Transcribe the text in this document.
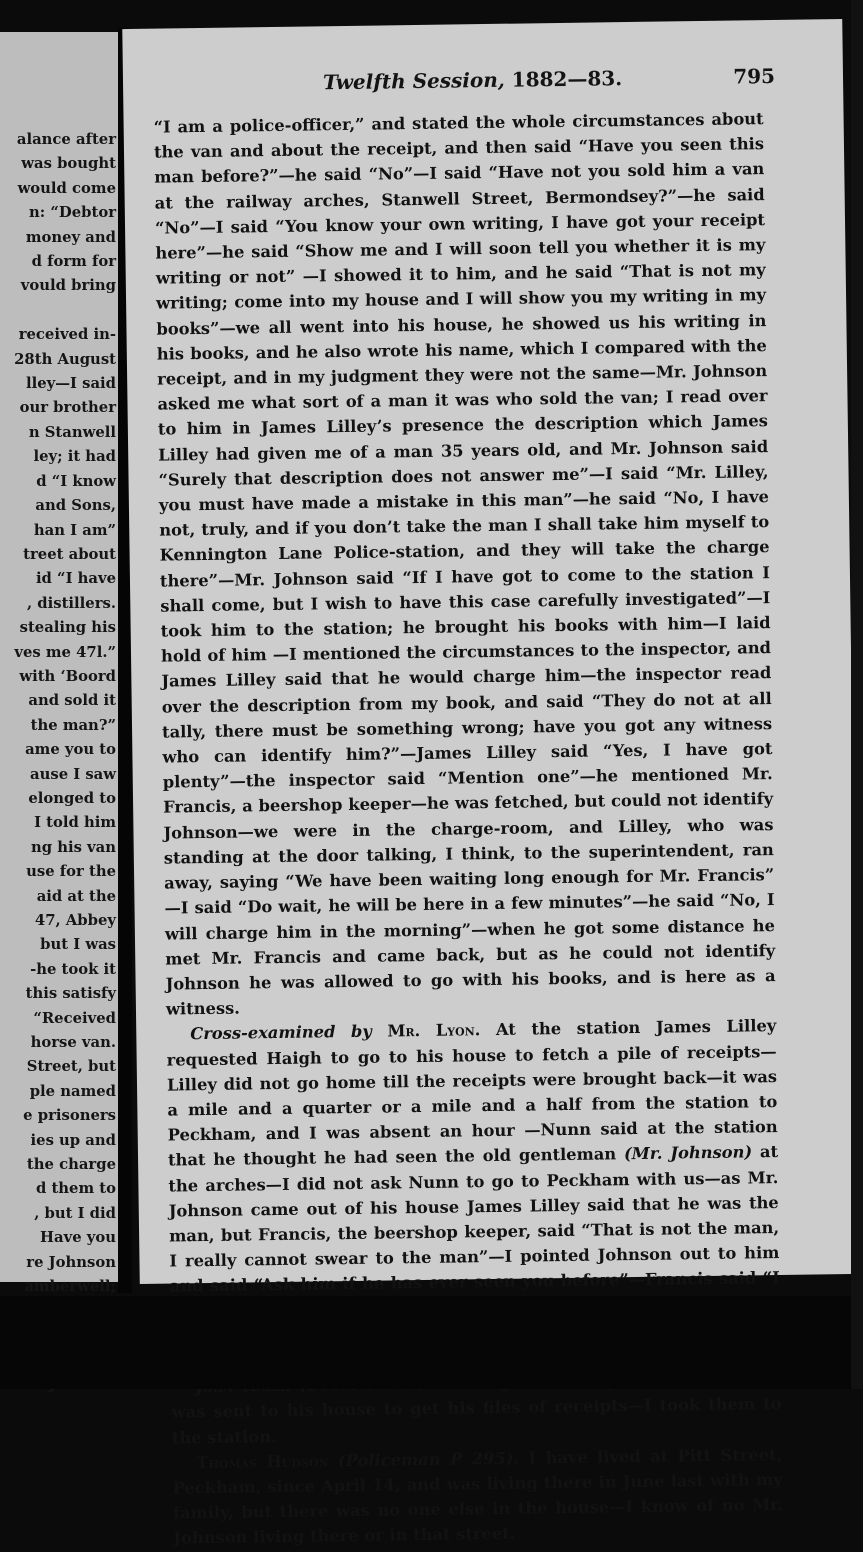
alance after
was bought
would come
n: “Debtor
money and
d form for
vould bring

received in-
28th August
lley—I said
our brother
n Stanwell
ley; it had
d “I know
and Sons,
han I am”
treet about
id “I have
, distillers.
stealing his
ves me 47l.”
with ‘Boord
and sold it
the man?”
ame you to
ause I saw
elonged to
I told him
ng his van
use for the
aid at the
47, Abbey
but I was
-he took it
this satisfy
“Received
horse van.
Street, but
ple named
e prisoners
ies up and
the charge
d them to
, but I did
Have you
re Johnson
amberwell;
Twelfth Session, 1882—83.	795

“I am a police-officer,” and stated the whole circumstances about the van and about the receipt, and then said “Have you seen this man before?”—he said “No”—I said “Have not you sold him a van at the railway arches, Stanwell Street, Bermondsey?”—he said “No”—I said “You know your own writing, I have got your receipt here”—he said “Show me and I will soon tell you whether it is my writing or not” —I showed it to him, and he said “That is not my writing; come into my house and I will show you my writing in my books”—we all went into his house, he showed us his writing in his books, and he also wrote his name, which I compared with the receipt, and in my judgment they were not the same—Mr. Johnson asked me what sort of a man it was who sold the van; I read over to him in James Lilley’s presence the description which James Lilley had given me of a man 35 years old, and Mr. Johnson said “Surely that description does not answer me”—I said “Mr. Lilley, you must have made a mistake in this man”—he said “No, I have not, truly, and if you don’t take the man I shall take him myself to Kennington Lane Police-station, and they will take the charge there”—Mr. Johnson said “If I have got to come to the station I shall come, but I wish to have this case carefully investigated”—I took him to the station; he brought his books with him—I laid hold of him —I mentioned the circumstances to the inspector, and James Lilley said that he would charge him—the inspector read over the description from my book, and said “They do not at all tally, there must be something wrong; have you got any witness who can identify him?”—James Lilley said “Yes, I have got plenty”—the inspector said “Mention one”—he mentioned Mr. Francis, a beershop keeper—he was fetched, but could not identify Johnson—we were in the charge-room, and Lilley, who was standing at the door talking, I think, to the superintendent, ran away, saying “We have been waiting long enough for Mr. Francis” —I said “Do wait, he will be here in a few minutes”—he said “No, I will charge him in the morning”—when he got some distance he met Mr. Francis and came back, but as he could not identify Johnson he was allowed to go with his books, and is here as a witness.

Cross-examined by Mr. Lyon. At the station James Lilley requested Haigh to go to his house to fetch a pile of receipts—Lilley did not go home till the receipts were brought back—it was a mile and a quarter or a mile and a half from the station to Peckham, and I was absent an hour —Nunn said at the station that he thought he had seen the old gentleman (Mr. Johnson) at the arches—I did not ask Nunn to go to Peckham with us—as Mr. Johnson came out of his house James Lilley said that he was the man, but Francis, the beershop keeper, said “That is not the man, I really cannot swear to the man”—I pointed Johnson out to him and said “Ask him if he has ever seen you before”—Francis said “I

was sent to his house to get his files of receipts—I took them to the station.

Thomas Hudson (Policeman P 295). I have lived at Pitt Street, Peckham, since April 14, and was living there in June last with my family, but there was no one else in the house—I know of no Mr. Johnson living there or in that street.
